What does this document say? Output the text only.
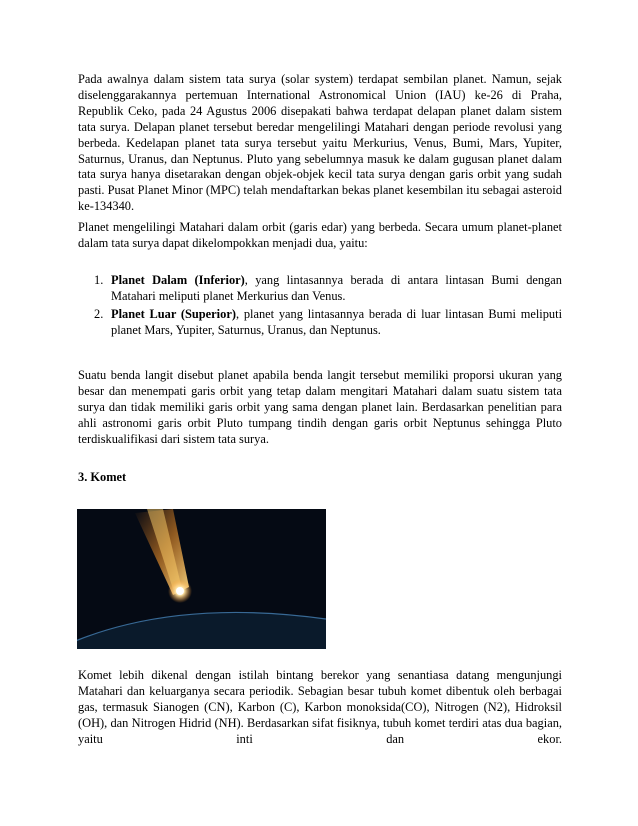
Pada awalnya dalam sistem tata surya (solar system) terdapat sembilan planet. Namun, sejak diselenggarakannya pertemuan International Astronomical Union (IAU) ke-26 di Praha, Republik Ceko, pada 24 Agustus 2006 disepakati bahwa terdapat delapan planet dalam sistem tata surya. Delapan planet tersebut beredar mengelilingi Matahari dengan periode revolusi yang berbeda. Kedelapan planet tata surya tersebut yaitu Merkurius, Venus, Bumi, Mars, Yupiter, Saturnus, Uranus, dan Neptunus. Pluto yang sebelumnya masuk ke dalam gugusan planet dalam tata surya hanya disetarakan dengan objek-objek kecil tata surya dengan garis orbit yang sudah pasti. Pusat Planet Minor (MPC) telah mendaftarkan bekas planet kesembilan itu sebagai asteroid ke-134340.

Planet mengelilingi Matahari dalam orbit (garis edar) yang berbeda. Secara umum planet-planet dalam tata surya dapat dikelompokkan menjadi dua, yaitu:

1. Planet Dalam (Inferior), yang lintasannya berada di antara lintasan Bumi dengan Matahari meliputi planet Merkurius dan Venus.
2. Planet Luar (Superior), planet yang lintasannya berada di luar lintasan Bumi meliputi planet Mars, Yupiter, Saturnus, Uranus, dan Neptunus.

Suatu benda langit disebut planet apabila benda langit tersebut memiliki proporsi ukuran yang besar dan menempati garis orbit yang tetap dalam mengitari Matahari dalam suatu sistem tata surya dan tidak memiliki garis orbit yang sama dengan planet lain. Berdasarkan penelitian para ahli astronomi garis orbit Pluto tumpang tindih dengan garis orbit Neptunus sehingga Pluto terdiskualifikasi dari sistem tata surya.

3. Komet

Komet lebih dikenal dengan istilah bintang berekor yang senantiasa datang mengunjungi Matahari dan keluarganya secara periodik. Sebagian besar tubuh komet dibentuk oleh berbagai gas, termasuk Sianogen (CN), Karbon (C), Karbon monoksida(CO), Nitrogen (N2), Hidroksil (OH), dan Nitrogen Hidrid (NH). Berdasarkan sifat fisiknya, tubuh komet terdiri atas dua bagian, yaitu inti dan ekor.
